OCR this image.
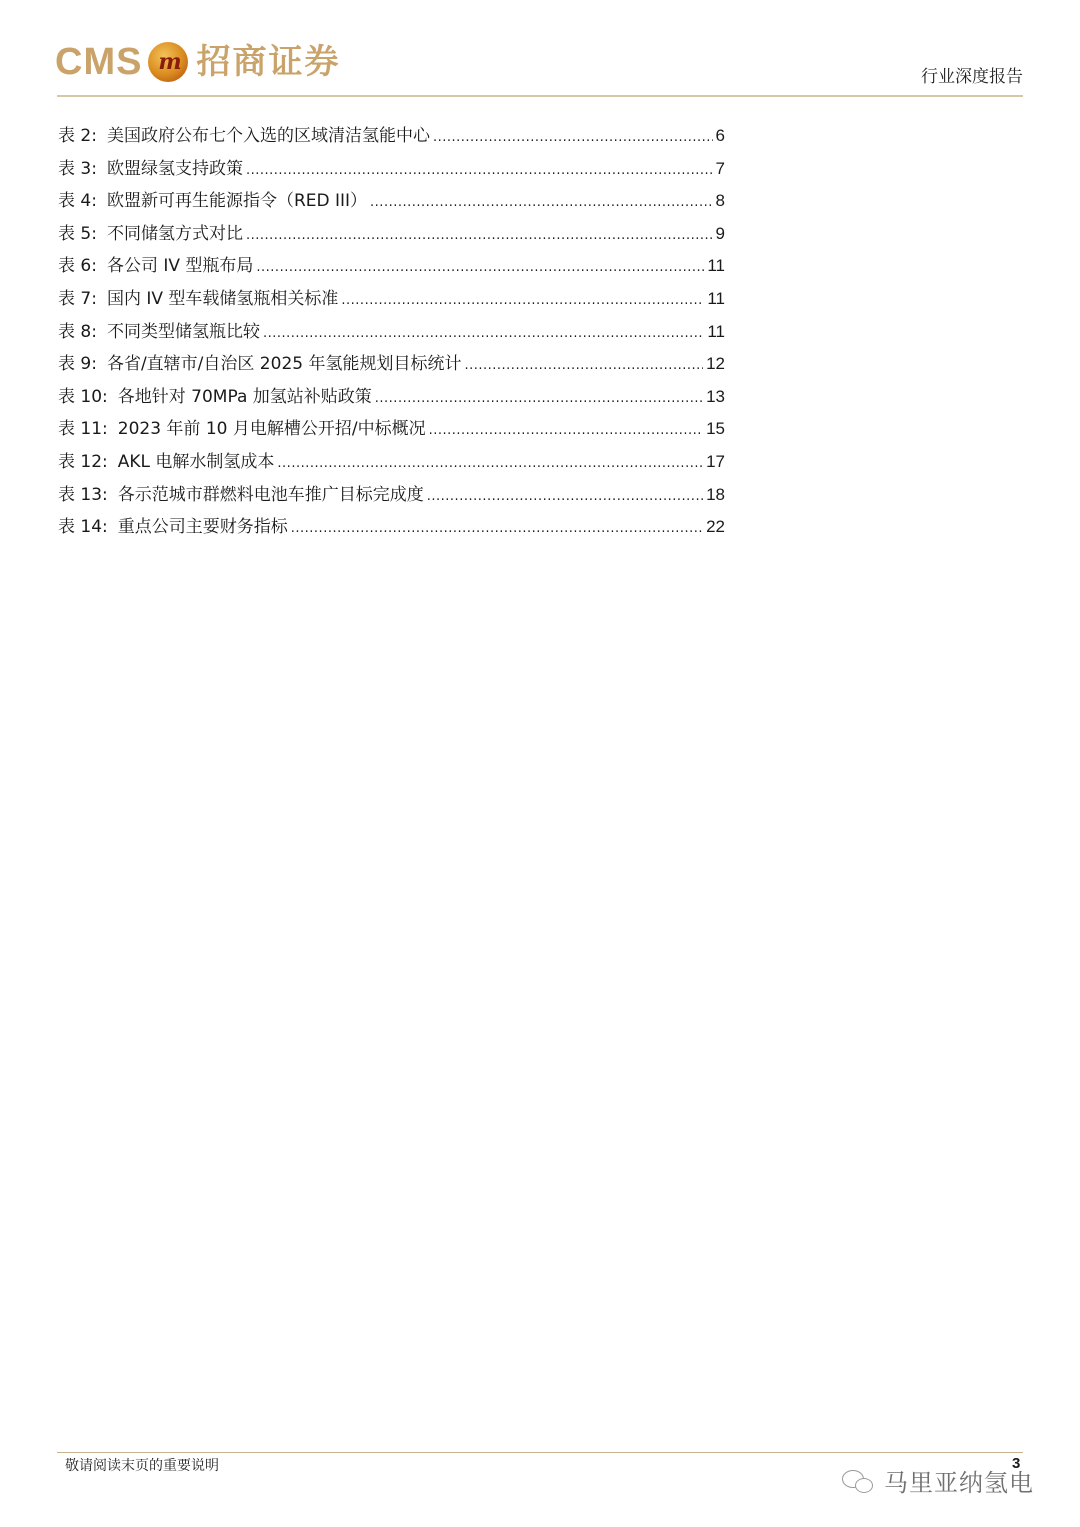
CMS m 招商证券	行业深度报告
表 2: 美国政府公布七个入选的区域清洁氢能中心 .....	6
表 3: 欧盟绿氢支持政策 .....	7
表 4: 欧盟新可再生能源指令（RED III） .....	8
表 5: 不同储氢方式对比 .....	9
表 6: 各公司 IV 型瓶布局 .....	11
表 7: 国内 IV 型车载储氢瓶相关标准 .....	11
表 8: 不同类型储氢瓶比较 .....	11
表 9: 各省/直辖市/自治区 2025 年氢能规划目标统计 .....	12
表 10: 各地针对 70MPa 加氢站补贴政策 .....	13
表 11: 2023 年前 10 月电解槽公开招/中标概况 .....	15
表 12: AKL 电解水制氢成本 .....	17
表 13: 各示范城市群燃料电池车推广目标完成度 .....	18
表 14: 重点公司主要财务指标 .....	22
敬请阅读末页的重要说明	3
马里亚纳氢电
